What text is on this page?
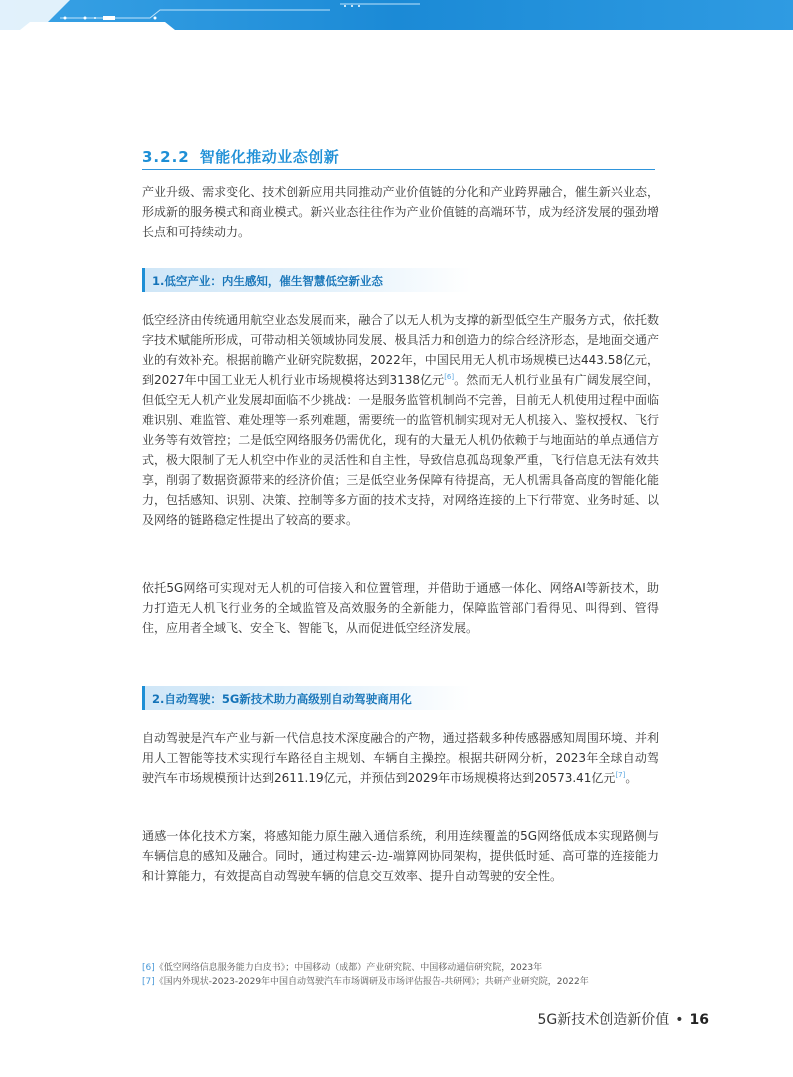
3.2.2 智能化推动业态创新

产业升级、需求变化、技术创新应用共同推动产业价值链的分化和产业跨界融合，催生新兴业态，形成新的服务模式和商业模式。新兴业态往往作为产业价值链的高端环节，成为经济发展的强劲增长点和可持续动力。

1.低空产业：内生感知，催生智慧低空新业态

低空经济由传统通用航空业态发展而来，融合了以无人机为支撑的新型低空生产服务方式，依托数字技术赋能所形成，可带动相关领域协同发展、极具活力和创造力的综合经济形态，是地面交通产业的有效补充。根据前瞻产业研究院数据，2022年，中国民用无人机市场规模已达443.58亿元，到2027年中国工业无人机行业市场规模将达到3138亿元[6]。然而无人机行业虽有广阔发展空间，但低空无人机产业发展却面临不少挑战：一是服务监管机制尚不完善，目前无人机使用过程中面临难识别、难监管、难处理等一系列难题，需要统一的监管机制实现对无人机接入、鉴权授权、飞行业务等有效管控；二是低空网络服务仍需优化，现有的大量无人机仍依赖于与地面站的单点通信方式，极大限制了无人机空中作业的灵活性和自主性，导致信息孤岛现象严重，飞行信息无法有效共享，削弱了数据资源带来的经济价值；三是低空业务保障有待提高，无人机需具备高度的智能化能力，包括感知、识别、决策、控制等多方面的技术支持，对网络连接的上下行带宽、业务时延、以及网络的链路稳定性提出了较高的要求。

依托5G网络可实现对无人机的可信接入和位置管理，并借助于通感一体化、网络AI等新技术，助力打造无人机飞行业务的全域监管及高效服务的全新能力，保障监管部门看得见、叫得到、管得住，应用者全域飞、安全飞、智能飞，从而促进低空经济发展。

2.自动驾驶：5G新技术助力高级别自动驾驶商用化

自动驾驶是汽车产业与新一代信息技术深度融合的产物，通过搭载多种传感器感知周围环境、并利用人工智能等技术实现行车路径自主规划、车辆自主操控。根据共研网分析，2023年全球自动驾驶汽车市场规模预计达到2611.19亿元，并预估到2029年市场规模将达到20573.41亿元[7]。

通感一体化技术方案，将感知能力原生融入通信系统，利用连续覆盖的5G网络低成本实现路侧与车辆信息的感知及融合。同时，通过构建云-边-端算网协同架构，提供低时延、高可靠的连接能力和计算能力，有效提高自动驾驶车辆的信息交互效率、提升自动驾驶的安全性。

[6]《低空网络信息服务能力白皮书》；中国移动（成都）产业研究院、中国移动通信研究院，2023年
[7]《国内外现状-2023-2029年中国自动驾驶汽车市场调研及市场评估报告-共研网》；共研产业研究院，2022年
5G新技术创造新价值 • 16
